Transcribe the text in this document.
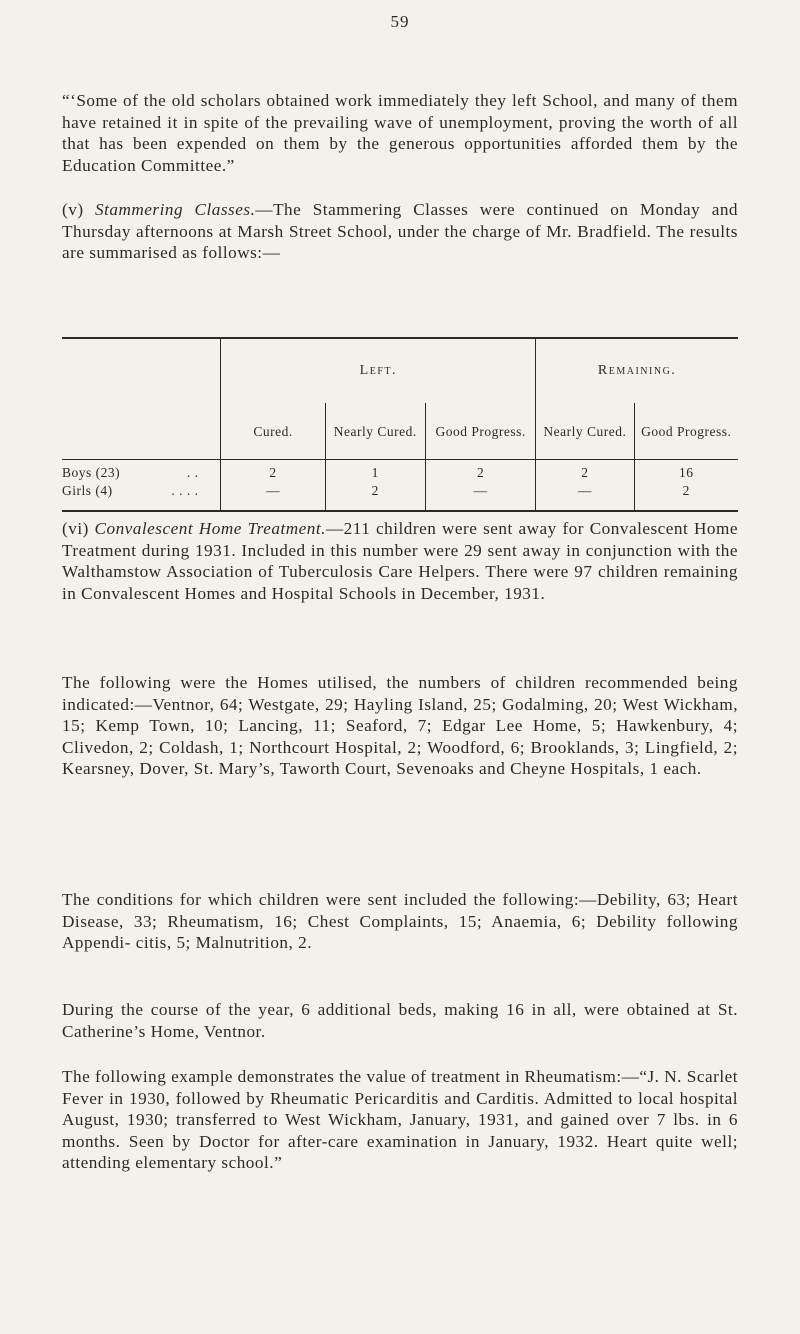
59

“‘Some of the old scholars obtained work immediately they left School, and many of them have retained it in spite of the prevailing wave of unemployment, proving the worth of all that has been expended on them by the generous opportunities afforded them by the Education Committee.”

(v) Stammering Classes.—The Stammering Classes were continued on Monday and Thursday afternoons at Marsh Street School, under the charge of Mr. Bradfield. The results are summarised as follows:—

	Left.			Remaining.	
	Cured.	Nearly Cured.	Good Progress.	Nearly Cured.	Good Progress.
Boys (23) . .	2	1	2	2	16
Girls (4) . . . .	—	2	—	—	2

(vi) Convalescent Home Treatment.—211 children were sent away for Convalescent Home Treatment during 1931. Included in this number were 29 sent away in conjunction with the Walthamstow Association of Tuberculosis Care Helpers. There were 97 children remaining in Convalescent Homes and Hospital Schools in December, 1931.

The following were the Homes utilised, the numbers of children recommended being indicated:—Ventnor, 64; Westgate, 29; Hayling Island, 25; Godalming, 20; West Wickham, 15; Kemp Town, 10; Lancing, 11; Seaford, 7; Edgar Lee Home, 5; Hawkenbury, 4; Clivedon, 2; Coldash, 1; Northcourt Hospital, 2; Woodford, 6; Brooklands, 3; Lingfield, 2; Kearsney, Dover, St. Mary’s, Taworth Court, Sevenoaks and Cheyne Hospitals, 1 each.

The conditions for which children were sent included the following:—Debility, 63; Heart Disease, 33; Rheumatism, 16; Chest Complaints, 15; Anaemia, 6; Debility following Appendi- citis, 5; Malnutrition, 2.

During the course of the year, 6 additional beds, making 16 in all, were obtained at St. Catherine’s Home, Ventnor.

The following example demonstrates the value of treatment in Rheumatism:—“J. N. Scarlet Fever in 1930, followed by Rheumatic Pericarditis and Carditis. Admitted to local hospital August, 1930; transferred to West Wickham, January, 1931, and gained over 7 lbs. in 6 months. Seen by Doctor for after-care examination in January, 1932. Heart quite well; attending elementary school.”
